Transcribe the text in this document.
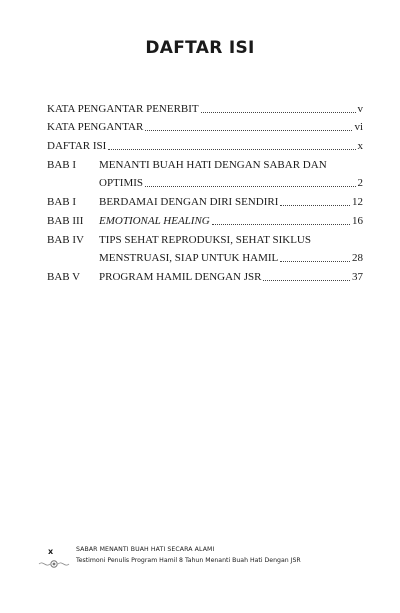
DAFTAR ISI
KATA PENGANTAR PENERBIT	v
KATA PENGANTAR	vi
DAFTAR ISI	x
BAB I	MENANTI BUAH HATI DENGAN SABAR DAN
OPTIMIS	2
BAB I	BERDAMAI DENGAN DIRI SENDIRI	12
BAB III	EMOTIONAL HEALING	16
BAB IV	TIPS SEHAT REPRODUKSI, SEHAT SIKLUS
MENSTRUASI, SIAP UNTUK HAMIL	28
BAB V	PROGRAM HAMIL DENGAN JSR	37
x	SABAR MENANTI BUAH HATI SECARA ALAMI
Testimoni Penulis Program Hamil 8 Tahun Menanti Buah Hati Dengan JSR
